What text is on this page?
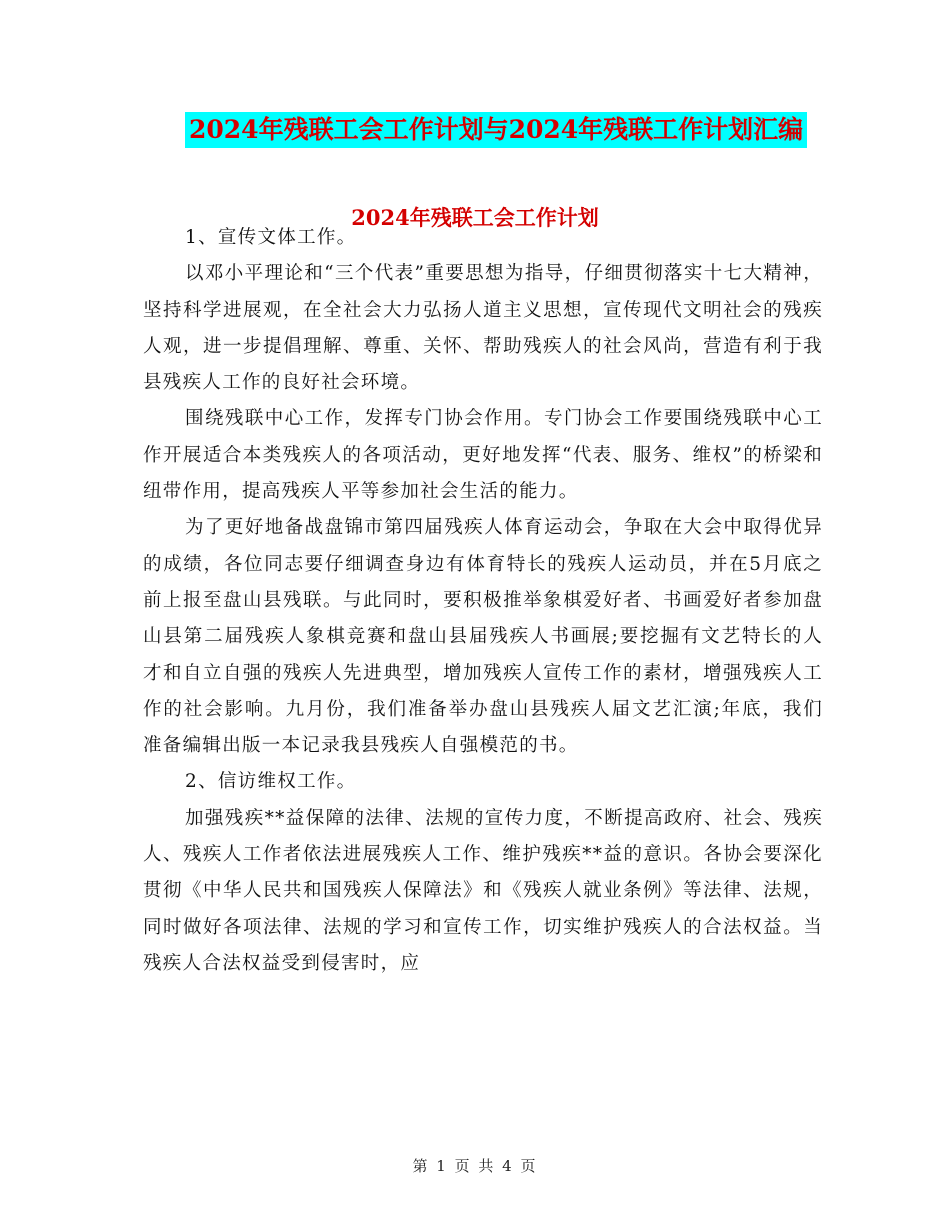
2024年残联工会工作计划与2024年残联工作计划汇编
2024年残联工会工作计划

1、宣传文体工作。

以邓小平理论和“三个代表”重要思想为指导，仔细贯彻落实十七大精神，坚持科学进展观，在全社会大力弘扬人道主义思想，宣传现代文明社会的残疾人观，进一步提倡理解、尊重、关怀、帮助残疾人的社会风尚，营造有利于我县残疾人工作的良好社会环境。

围绕残联中心工作，发挥专门协会作用。专门协会工作要围绕残联中心工作开展适合本类残疾人的各项活动，更好地发挥“代表、服务、维权”的桥梁和纽带作用，提高残疾人平等参加社会生活的能力。

为了更好地备战盘锦市第四届残疾人体育运动会，争取在大会中取得优异的成绩，各位同志要仔细调查身边有体育特长的残疾人运动员，并在5月底之前上报至盘山县残联。与此同时，要积极推举象棋爱好者、书画爱好者参加盘山县第二届残疾人象棋竞赛和盘山县届残疾人书画展;要挖掘有文艺特长的人才和自立自强的残疾人先进典型，增加残疾人宣传工作的素材，增强残疾人工作的社会影响。九月份，我们准备举办盘山县残疾人届文艺汇演;年底，我们准备编辑出版一本记录我县残疾人自强模范的书。

2、信访维权工作。

加强残疾**益保障的法律、法规的宣传力度，不断提高政府、社会、残疾人、残疾人工作者依法进展残疾人工作、维护残疾**益的意识。各协会要深化贯彻《中华人民共和国残疾人保障法》和《残疾人就业条例》等法律、法规，同时做好各项法律、法规的学习和宣传工作，切实维护残疾人的合法权益。当残疾人合法权益受到侵害时，应

第 1 页 共 4 页
